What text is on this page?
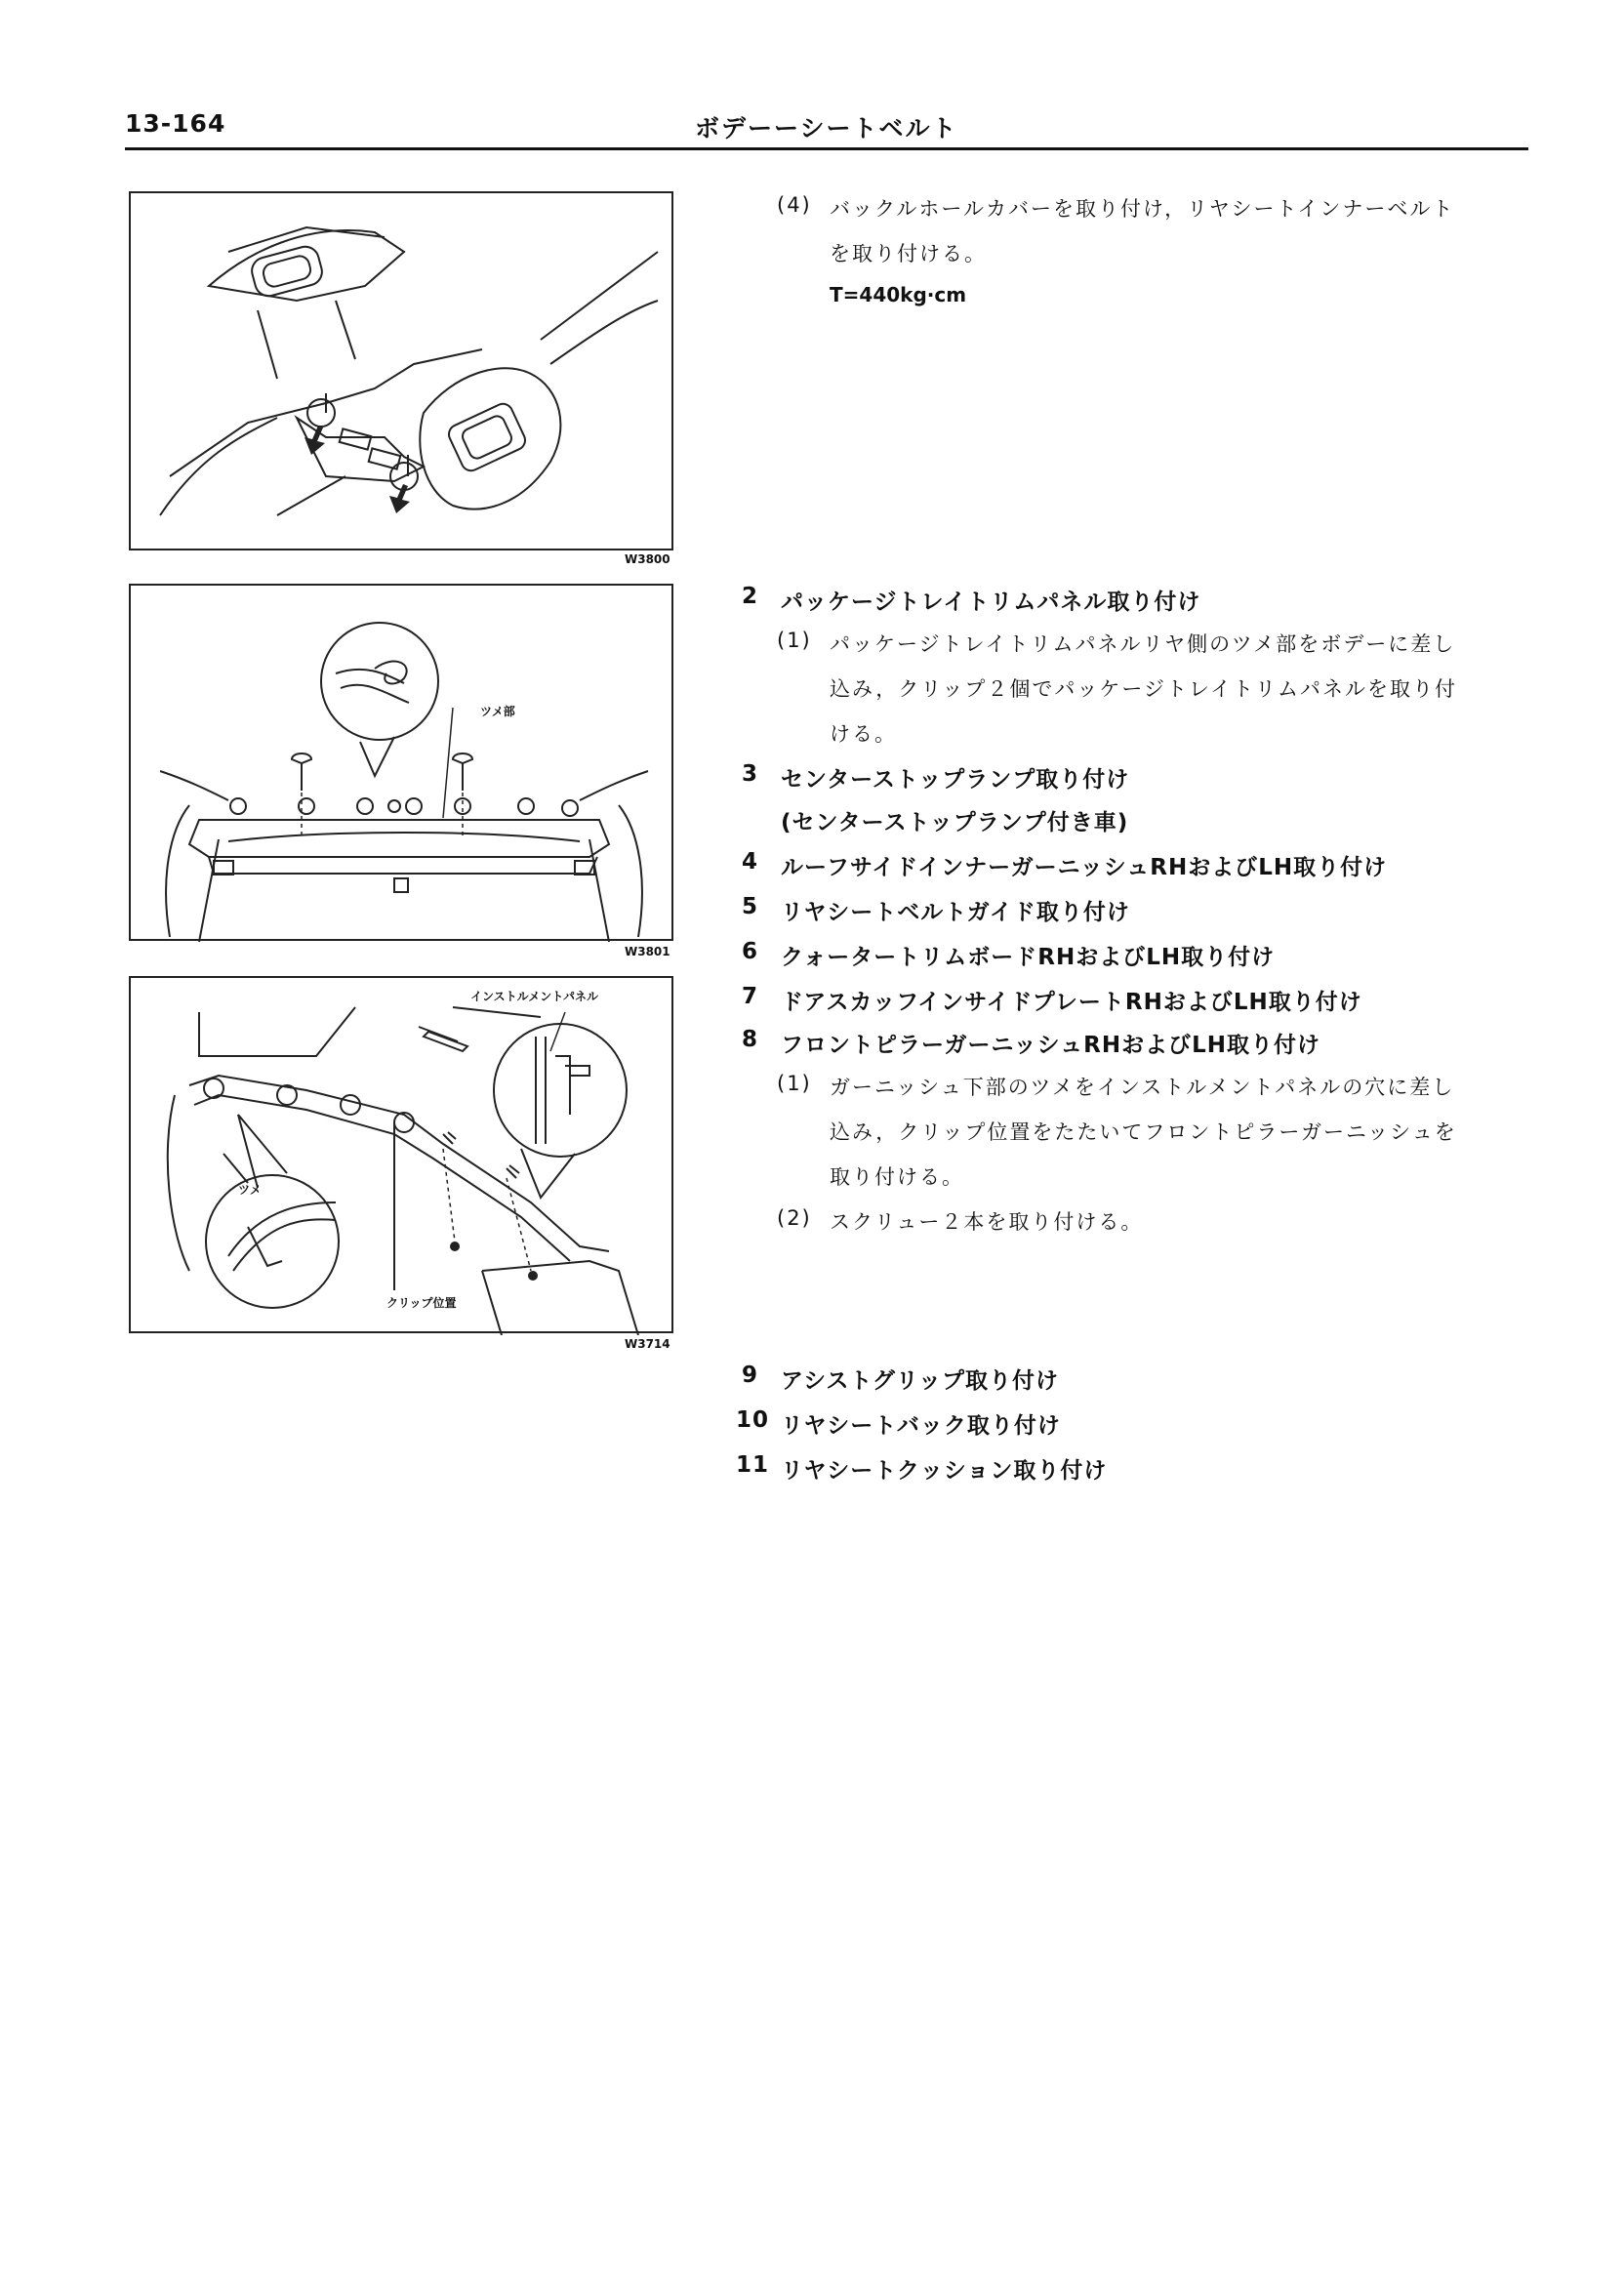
13-164	ボデーーシートベルト
W3800
ツメ部
W3801
インストルメントパネル
ツメ
クリップ位置
W3714
(4) バックルホールカバーを取り付け，リヤシートインナーベルト
を取り付ける。
T=440kg·cm
2 パッケージトレイトリムパネル取り付け
(1) パッケージトレイトリムパネルリヤ側のツメ部をボデーに差し
込み，クリップ２個でパッケージトレイトリムパネルを取り付
ける。
3 センターストップランプ取り付け
(センターストップランプ付き車)
4 ルーフサイドインナーガーニッシュRHおよびLH取り付け
5 リヤシートベルトガイド取り付け
6 クォータートリムボードRHおよびLH取り付け
7 ドアスカッフインサイドプレートRHおよびLH取り付け
8 フロントピラーガーニッシュRHおよびLH取り付け
(1) ガーニッシュ下部のツメをインストルメントパネルの穴に差し
込み，クリップ位置をたたいてフロントピラーガーニッシュを
取り付ける。
(2) スクリュー２本を取り付ける。
9 アシストグリップ取り付け
10 リヤシートバック取り付け
11 リヤシートクッション取り付け
